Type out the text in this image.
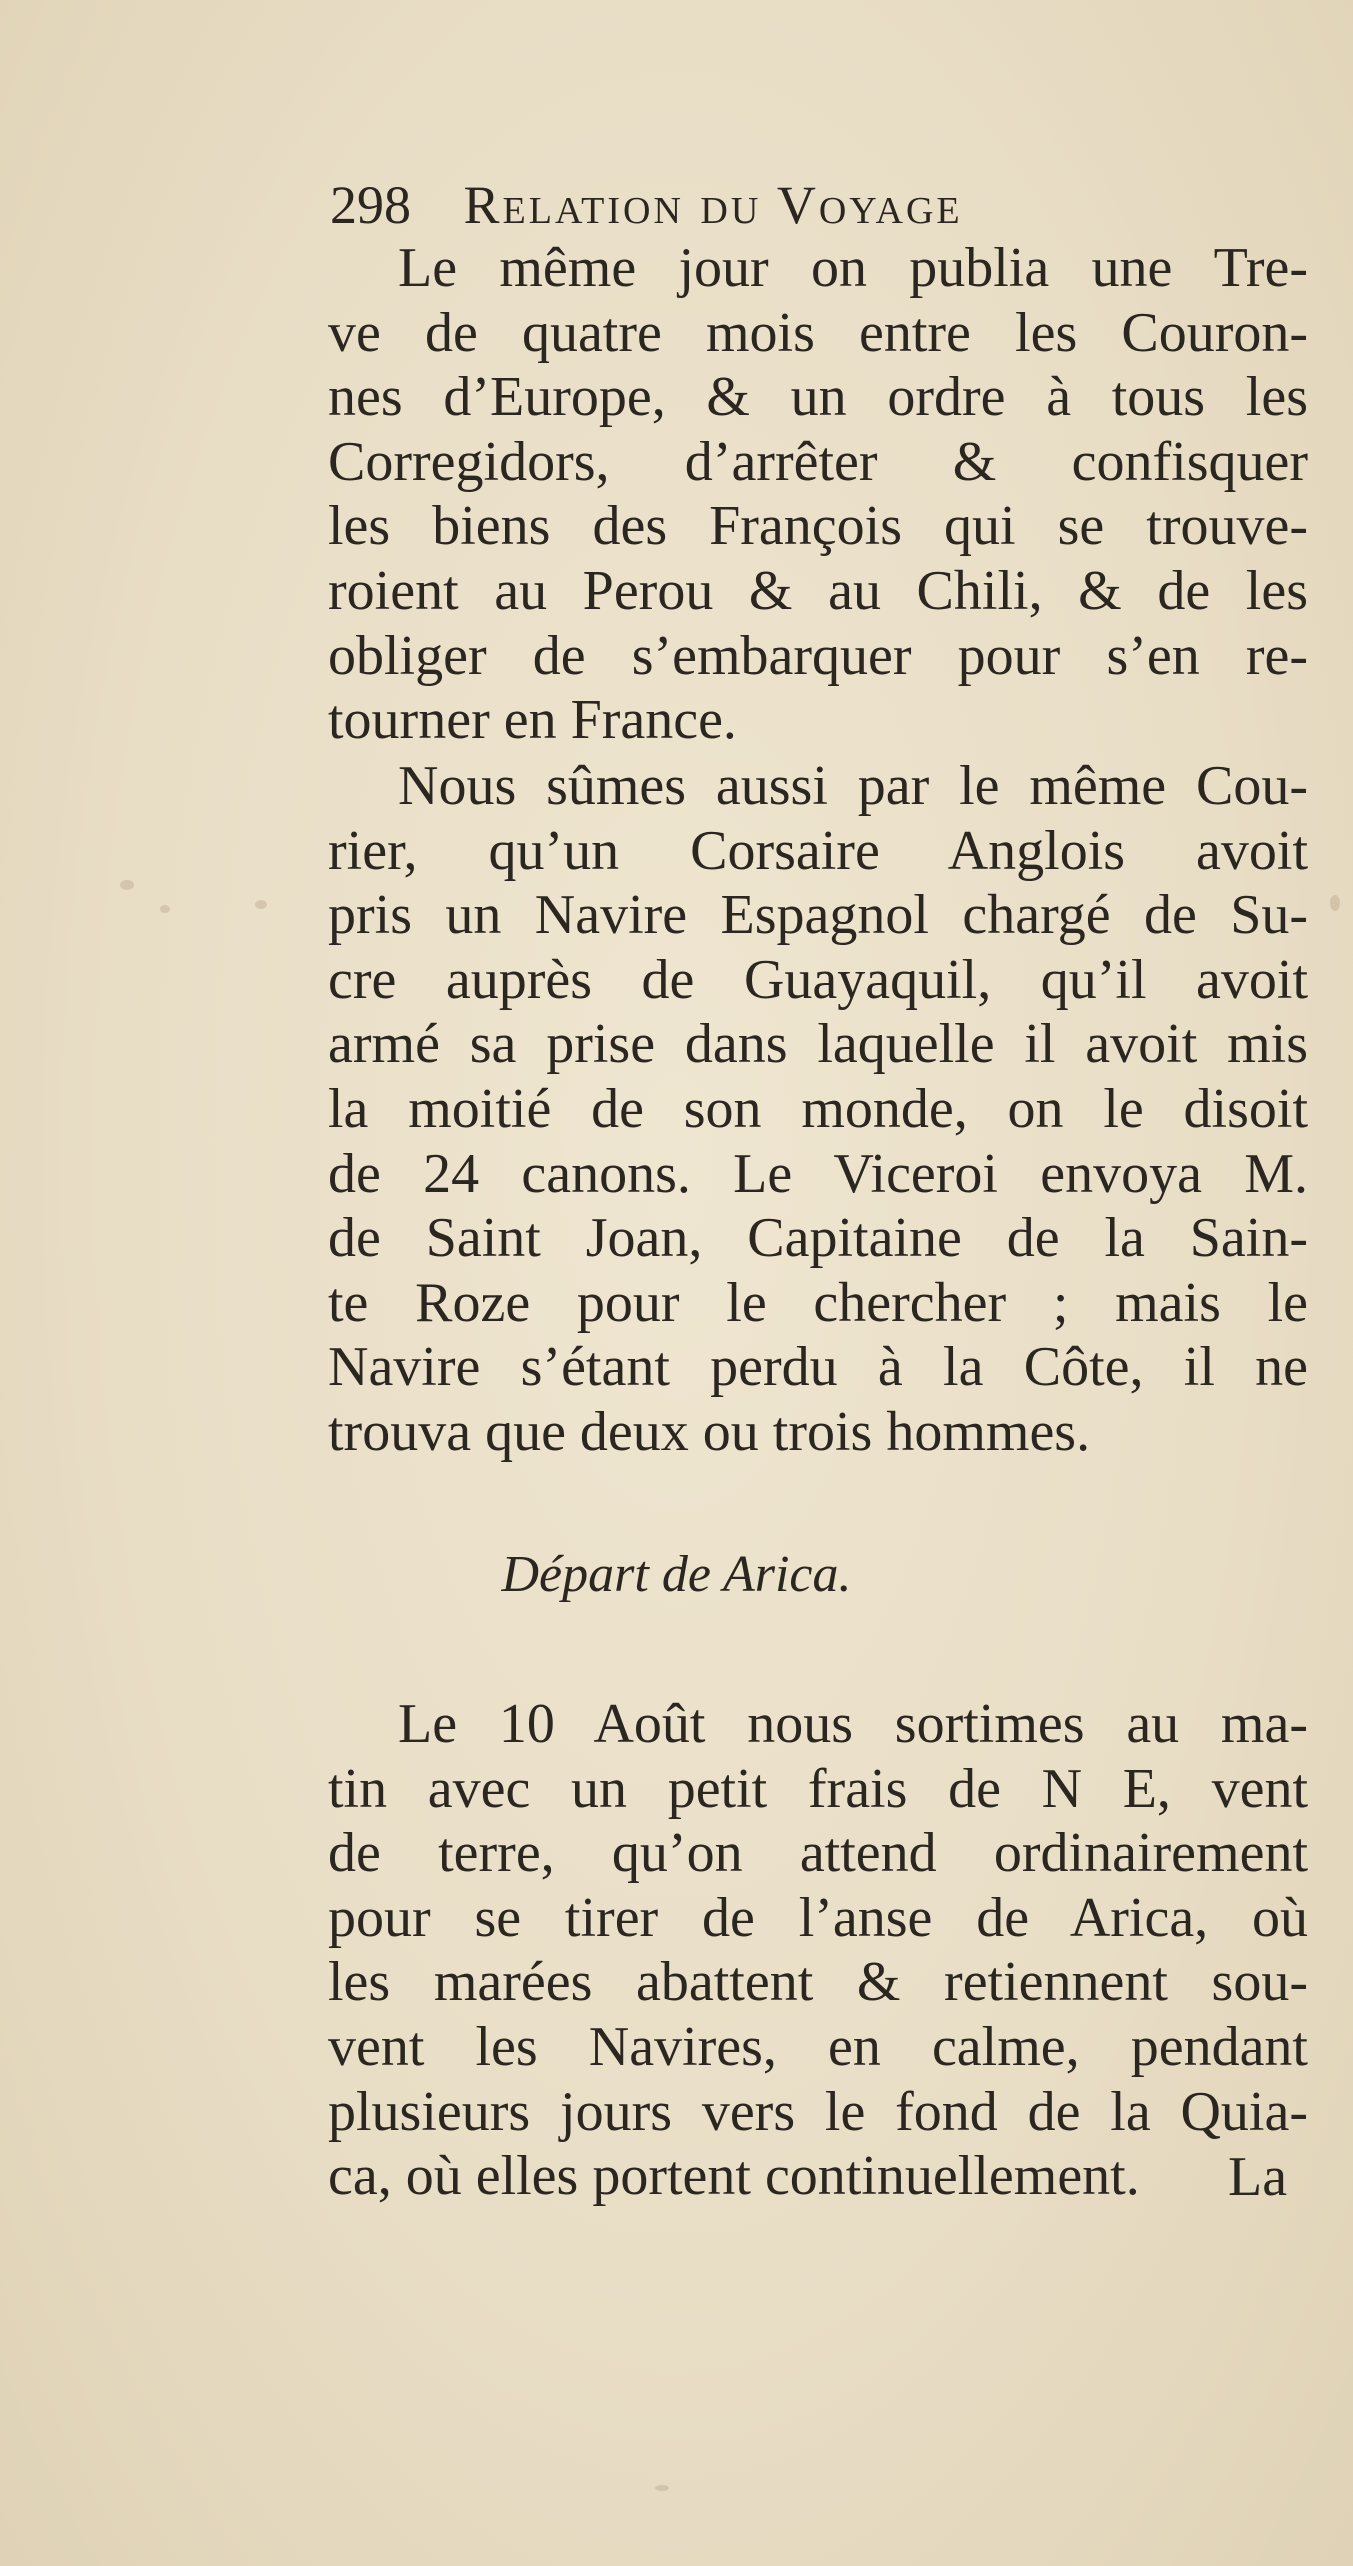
298 Relation du Voyage
Le même jour on publia une Tre-
ve de quatre mois entre les Couron-
nes d’Europe, & un ordre à tous les
Corregidors, d’arrêter & confisquer
les biens des François qui se trouve-
roient au Perou & au Chili, & de les
obliger de s’embarquer pour s’en re-
tourner en France.
Nous sûmes aussi par le même Cou-
rier, qu’un Corsaire Anglois avoit
pris un Navire Espagnol chargé de Su-
cre auprès de Guayaquil, qu’il avoit
armé sa prise dans laquelle il avoit mis
la moitié de son monde, on le disoit
de 24 canons. Le Viceroi envoya M.
de Saint Joan, Capitaine de la Sain-
te Roze pour le chercher ; mais le
Navire s’étant perdu à la Côte, il ne
trouva que deux ou trois hommes.
Départ de Arica.
Le 10 Août nous sortimes au ma-
tin avec un petit frais de N E, vent
de terre, qu’on attend ordinairement
pour se tirer de l’anse de Arica, où
les marées abattent & retiennent sou-
vent les Navires, en calme, pendant
plusieurs jours vers le fond de la Quia-
ca, où elles portent continuellement.	La
